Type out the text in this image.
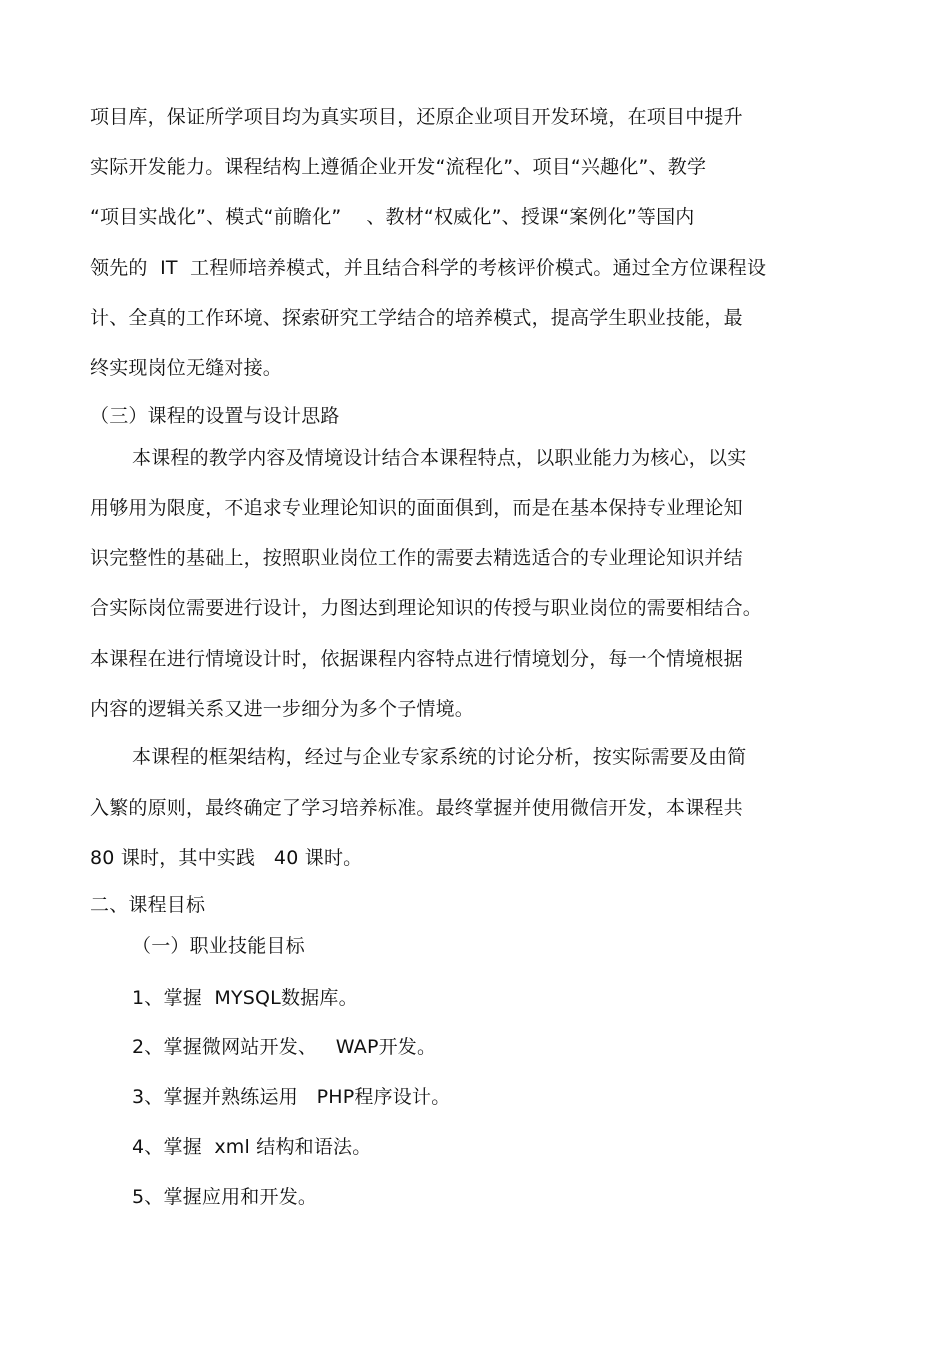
项目库，保证所学项目均为真实项目，还原企业项目开发环境，在项目中提升
实际开发能力。课程结构上遵循企业开发“流程化”、项目“兴趣化”、教学
“项目实战化”、模式“前瞻化”    、教材“权威化”、授课“案例化”等国内
领先的  IT  工程师培养模式，并且结合科学的考核评价模式。通过全方位课程设
计、全真的工作环境、探索研究工学结合的培养模式，提高学生职业技能，最
终实现岗位无缝对接。
（三）课程的设置与设计思路
本课程的教学内容及情境设计结合本课程特点，以职业能力为核心，以实
用够用为限度，不追求专业理论知识的面面俱到，而是在基本保持专业理论知
识完整性的基础上，按照职业岗位工作的需要去精选适合的专业理论知识并结
合实际岗位需要进行设计，力图达到理论知识的传授与职业岗位的需要相结合。
本课程在进行情境设计时，依据课程内容特点进行情境划分，每一个情境根据
内容的逻辑关系又进一步细分为多个子情境。
本课程的框架结构，经过与企业专家系统的讨论分析，按实际需要及由简
入繁的原则，最终确定了学习培养标准。最终掌握并使用微信开发，本课程共
80 课时，其中实践   40 课时。
二、课程目标
（一）职业技能目标
1、掌握  MYSQL数据库。
2、掌握微网站开发、   WAP开发。
3、掌握并熟练运用   PHP程序设计。
4、掌握  xml 结构和语法。
5、掌握应用和开发。
